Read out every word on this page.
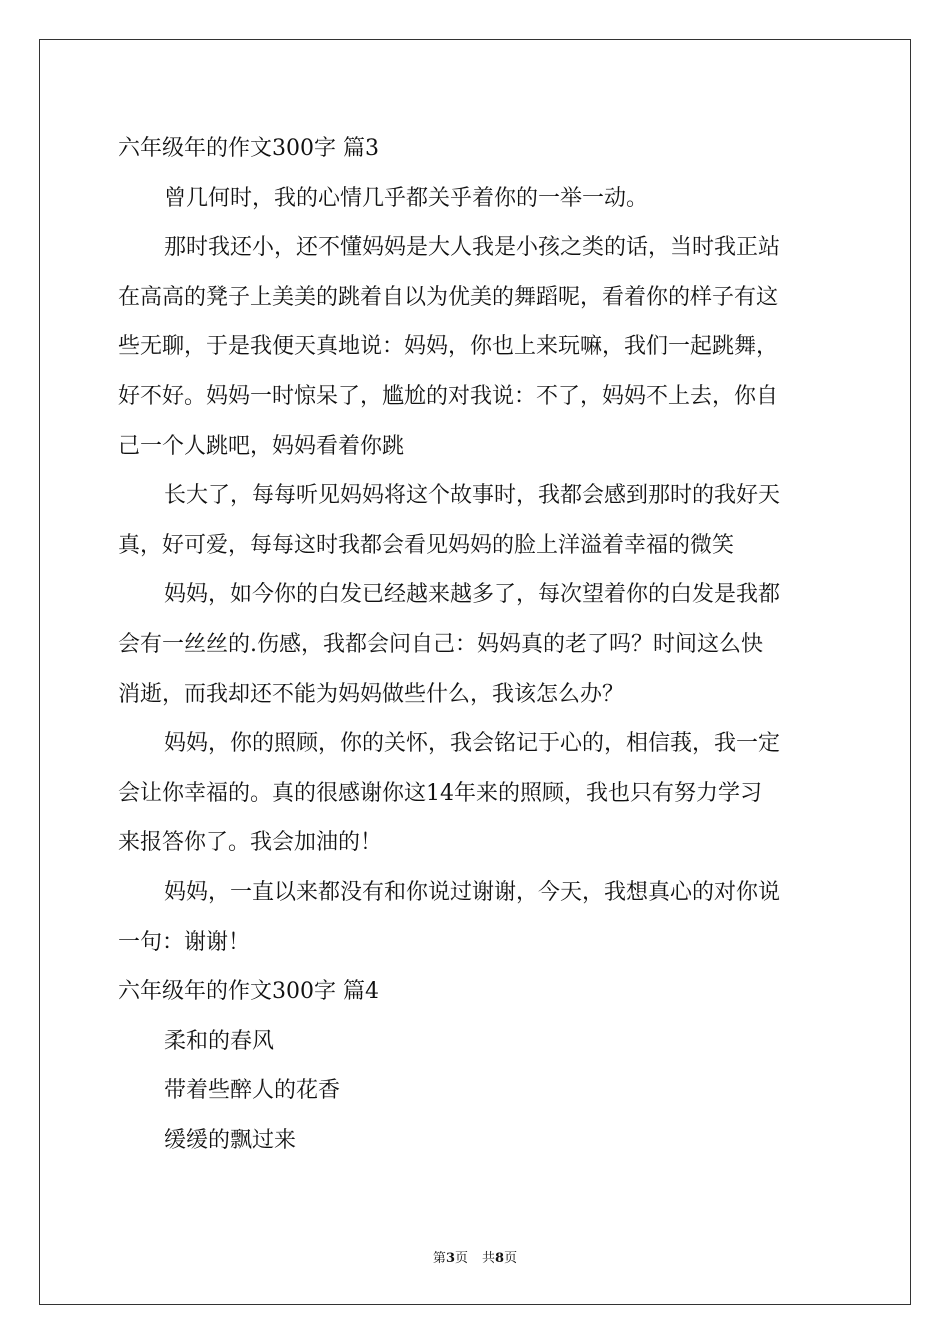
六年级年的作文300字 篇3
曾几何时，我的心情几乎都关乎着你的一举一动。
那时我还小，还不懂妈妈是大人我是小孩之类的话，当时我正站
在高高的凳子上美美的跳着自以为优美的舞蹈呢，看着你的样子有这
些无聊，于是我便天真地说：妈妈，你也上来玩嘛，我们一起跳舞，
好不好。妈妈一时惊呆了，尴尬的对我说：不了，妈妈不上去，你自
己一个人跳吧，妈妈看着你跳
长大了，每每听见妈妈将这个故事时，我都会感到那时的我好天
真，好可爱，每每这时我都会看见妈妈的脸上洋溢着幸福的微笑
妈妈，如今你的白发已经越来越多了，每次望着你的白发是我都
会有一丝丝的.伤感，我都会问自己：妈妈真的老了吗？时间这么快
消逝，而我却还不能为妈妈做些什么，我该怎么办？
妈妈，你的照顾，你的关怀，我会铭记于心的，相信莪，我一定
会让你幸福的。真的很感谢你这14年来的照顾，我也只有努力学习
来报答你了。我会加油的！
妈妈，一直以来都没有和你说过谢谢，今天，我想真心的对你说
一句：谢谢！
六年级年的作文300字 篇4
柔和的春风
带着些醉人的花香
缓缓的飘过来
第3页 共8页
